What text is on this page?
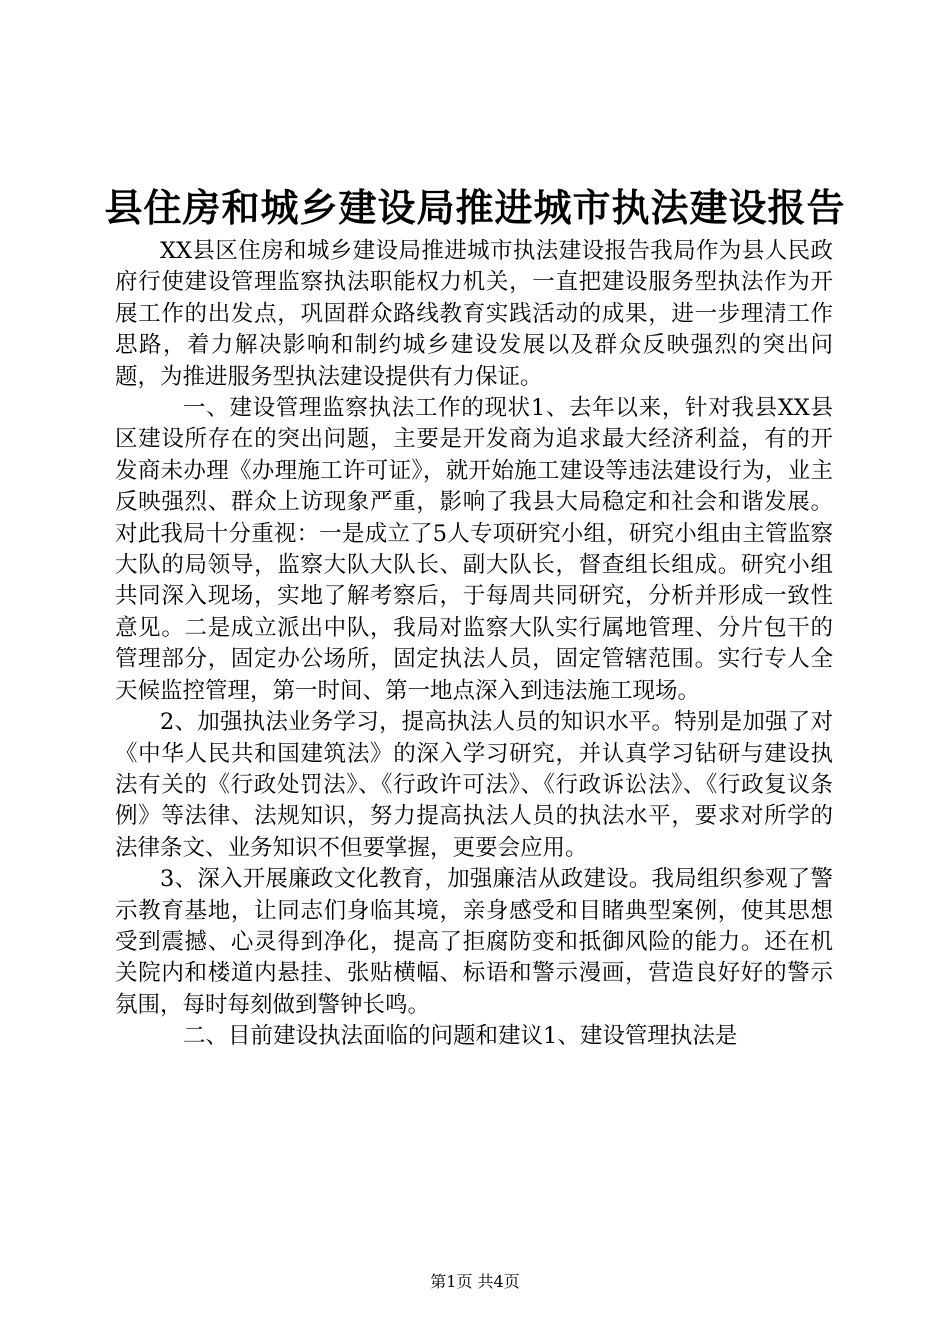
县住房和城乡建设局推进城市执法建设报告

XX县区住房和城乡建设局推进城市执法建设报告我局作为县人民政府行使建设管理监察执法职能权力机关，一直把建设服务型执法作为开展工作的出发点，巩固群众路线教育实践活动的成果，进一步理清工作思路，着力解决影响和制约城乡建设发展以及群众反映强烈的突出问题，为推进服务型执法建设提供有力保证。

一、建设管理监察执法工作的现状1、去年以来，针对我县XX县区建设所存在的突出问题，主要是开发商为追求最大经济利益，有的开发商未办理《办理施工许可证》，就开始施工建设等违法建设行为，业主反映强烈、群众上访现象严重，影响了我县大局稳定和社会和谐发展。对此我局十分重视：一是成立了5人专项研究小组，研究小组由主管监察大队的局领导，监察大队大队长、副大队长，督查组长组成。研究小组共同深入现场，实地了解考察后，于每周共同研究，分析并形成一致性意见。二是成立派出中队，我局对监察大队实行属地管理、分片包干的管理部分，固定办公场所，固定执法人员，固定管辖范围。实行专人全天候监控管理，第一时间、第一地点深入到违法施工现场。

2、加强执法业务学习，提高执法人员的知识水平。特别是加强了对《中华人民共和国建筑法》的深入学习研究，并认真学习钻研与建设执法有关的《行政处罚法》、《行政许可法》、《行政诉讼法》、《行政复议条例》等法律、法规知识，努力提高执法人员的执法水平，要求对所学的法律条文、业务知识不但要掌握，更要会应用。

3、深入开展廉政文化教育，加强廉洁从政建设。我局组织参观了警示教育基地，让同志们身临其境，亲身感受和目睹典型案例，使其思想受到震撼、心灵得到净化，提高了拒腐防变和抵御风险的能力。还在机关院内和楼道内悬挂、张贴横幅、标语和警示漫画，营造良好好的警示氛围，每时每刻做到警钟长鸣。

二、目前建设执法面临的问题和建议1、建设管理执法是

第1页 共4页
